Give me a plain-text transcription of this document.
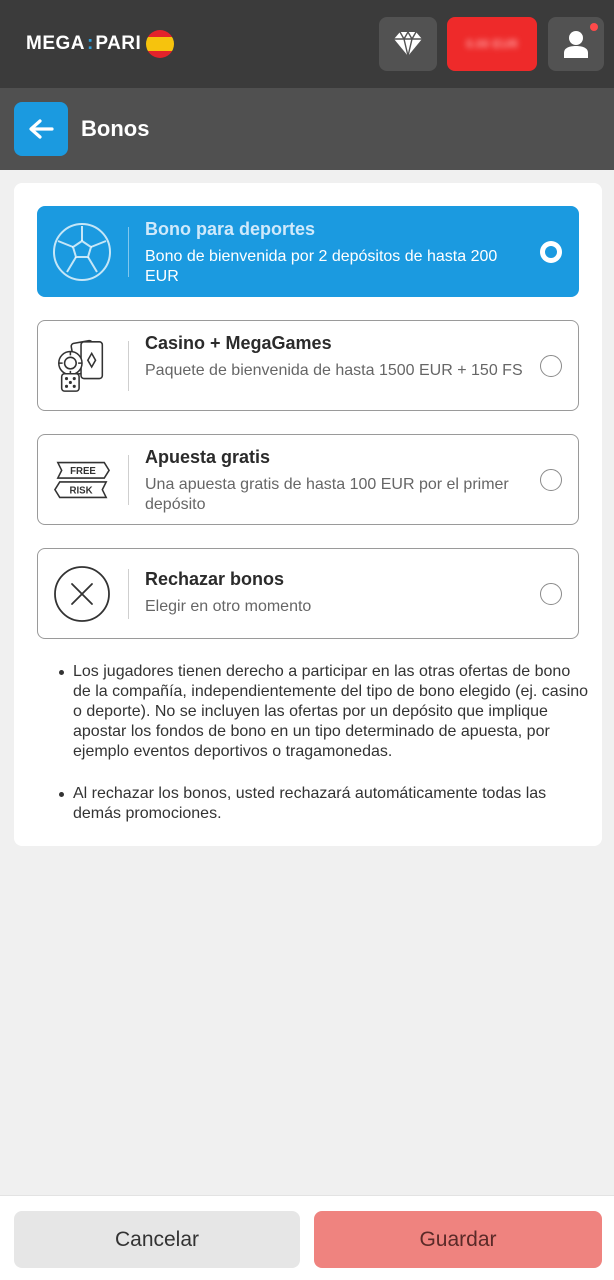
MEGA : PARI	0.00 EUR
Bonos
Bono para deportes
Bono de bienvenida por 2 depósitos de hasta 200 EUR
Casino + MegaGames
Paquete de bienvenida de hasta 1500 EUR + 150 FS
FREE
RISK
Apuesta gratis
Una apuesta gratis de hasta 100 EUR por el primer depósito
Rechazar bonos
Elegir en otro momento
Los jugadores tienen derecho a participar en las otras ofertas de bono de la compañía, independientemente del tipo de bono elegido (ej. casino o deporte). No se incluyen las ofertas por un depósito que implique apostar los fondos de bono en un tipo determinado de apuesta, por ejemplo eventos deportivos o tragamonedas.
Al rechazar los bonos, usted rechazará automáticamente todas las demás promociones.
Cancelar	Guardar
